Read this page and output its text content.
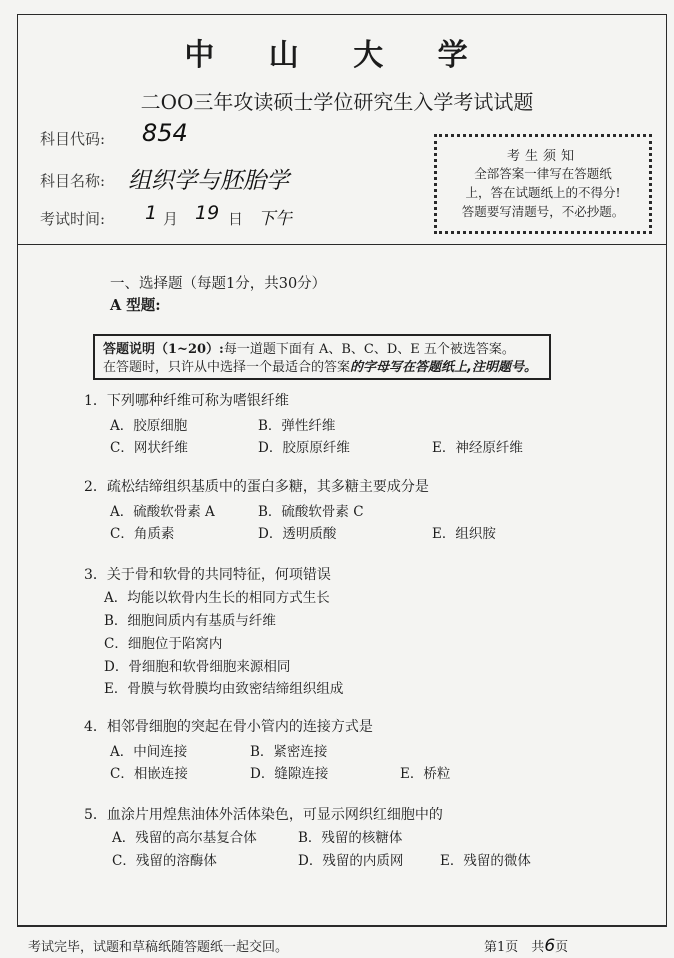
中 山 大 学
二OO三年攻读硕士学位研究生入学考试试题
科目代码: 854
科目名称: 组织学与胚胎学
考试时间: 1 月 19 日 下午
考生须知
全部答案一律写在答题纸
上，答在试题纸上的不得分!
答题要写清题号，不必抄题。
一、选择题（每题1分，共30分）
A 型题:
答题说明（1~20）:每一道题下面有 A、B、C、D、E 五个被选答案。
在答题时，只许从中选择一个最适合的答案的字母写在答题纸上,注明题号。
1．下列哪种纤维可称为嗜银纤维
A．胶原细胞	B．弹性纤维
C．网状纤维	D．胶原原纤维	E．神经原纤维
2．疏松结缔组织基质中的蛋白多糖，其多糖主要成分是
A．硫酸软骨素 A	B．硫酸软骨素 C
C．角质素	D．透明质酸	E．组织胺
3．关于骨和软骨的共同特征，何项错误
A．均能以软骨内生长的相同方式生长
B．细胞间质内有基质与纤维
C．细胞位于陷窝内
D．骨细胞和软骨细胞来源相同
E．骨膜与软骨膜均由致密结缔组织组成
4．相邻骨细胞的突起在骨小管内的连接方式是
A．中间连接	B．紧密连接
C．相嵌连接	D．缝隙连接	E．桥粒
5．血涂片用煌焦油体外活体染色，可显示网织红细胞中的
A．残留的高尔基复合体	B．残留的核糖体
C．残留的溶酶体	D．残留的内质网	E．残留的微体
考试完毕，试题和草稿纸随答题纸一起交回。	第1页　共6页
